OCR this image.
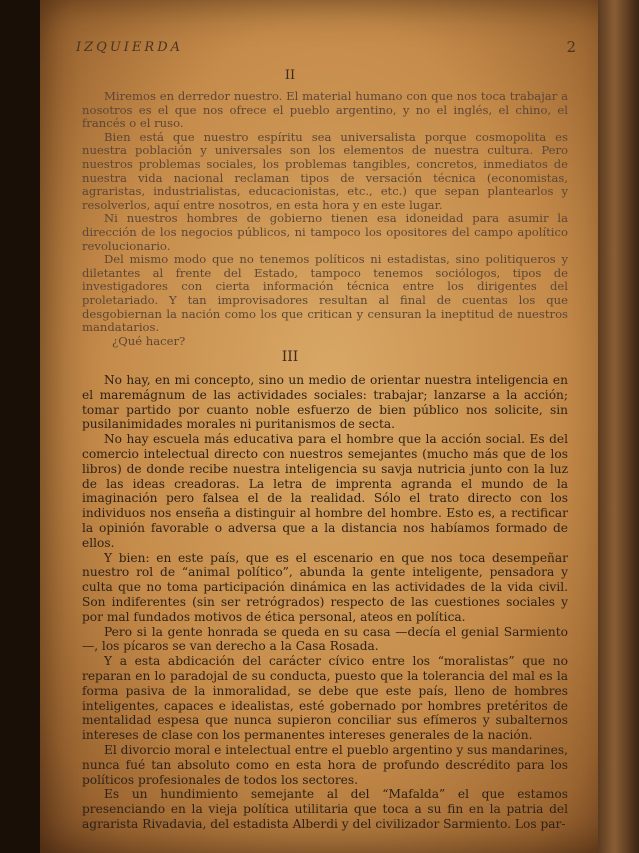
IZQUIERDA	2
II

Miremos en derredor nuestro. El material humano con que nos toca trabajar a nosotros es el que nos ofrece el pueblo argentino, y no el inglés, el chino, el francés o el ruso.

Bien está que nuestro espíritu sea universalista porque cosmopolita es nuestra población y universales son los elementos de nuestra cultura. Pero nuestros problemas sociales, los problemas tangibles, concretos, inmediatos de nuestra vida nacional reclaman tipos de versación técnica (economistas, agraristas, industrialistas, educacionistas, etc., etc.) que sepan plantearlos y resolverlos, aquí entre nosotros, en esta hora y en este lugar.

Ni nuestros hombres de gobierno tienen esa idoneidad para asumir la dirección de los negocios públicos, ni tampoco los opositores del campo apolítico revolucionario.

Del mismo modo que no tenemos políticos ni estadistas, sino politiqueros y diletantes al frente del Estado, tampoco tenemos sociólogos, tipos de investigadores con cierta información técnica entre los dirigentes del proletariado. Y tan improvisadores resultan al final de cuentas los que desgobiernan la nación como los que critican y censuran la ineptitud de nuestros mandatarios.

¿Qué hacer?

III

No hay, en mi concepto, sino un medio de orientar nuestra inteligencia en el maremágnum de las actividades sociales: trabajar; lanzarse a la acción; tomar partido por cuanto noble esfuerzo de bien público nos solicite, sin pusilanimidades morales ni puritanismos de secta.

No hay escuela más educativa para el hombre que la acción social. Es del comercio intelectual directo con nuestros semejantes (mucho más que de los libros) de donde recibe nuestra inteligencia su savja nutricia junto con la luz de las ideas creadoras. La letra de imprenta agranda el mundo de la imaginación pero falsea el de la realidad. Sólo el trato directo con los individuos nos enseña a distinguir al hombre del hombre. Esto es, a rectificar la opinión favorable o adversa que a la distancia nos habíamos formado de ellos.

Y bien: en este país, que es el escenario en que nos toca desempeñar nuestro rol de “animal político”, abunda la gente inteligente, pensadora y culta que no toma participación dinámica en las actividades de la vida civil. Son indiferentes (sin ser retrógrados) respecto de las cuestiones sociales y por mal fundados motivos de ética personal, ateos en política.

Pero si la gente honrada se queda en su casa —decía el genial Sarmiento—, los pícaros se van derecho a la Casa Rosada.

Y a esta abdicación del carácter cívico entre los “moralistas” que no reparan en lo paradojal de su conducta, puesto que la tolerancia del mal es la forma pasiva de la inmoralidad, se debe que este país, lleno de hombres inteligentes, capaces e idealistas, esté gobernado por hombres pretéritos de mentalidad espesa que nunca supieron conciliar sus efímeros y subalternos intereses de clase con los permanentes intereses generales de la nación.

El divorcio moral e intelectual entre el pueblo argentino y sus mandarines, nunca fué tan absoluto como en esta hora de profundo descrédito para los políticos profesionales de todos los sectores.

Es un hundimiento semejante al del “Mafalda” el que estamos presenciando en la vieja política utilitaria que toca a su fin en la patria del agrarista Rivadavia, del estadista Alberdi y del civilizador Sarmiento. Los par-
